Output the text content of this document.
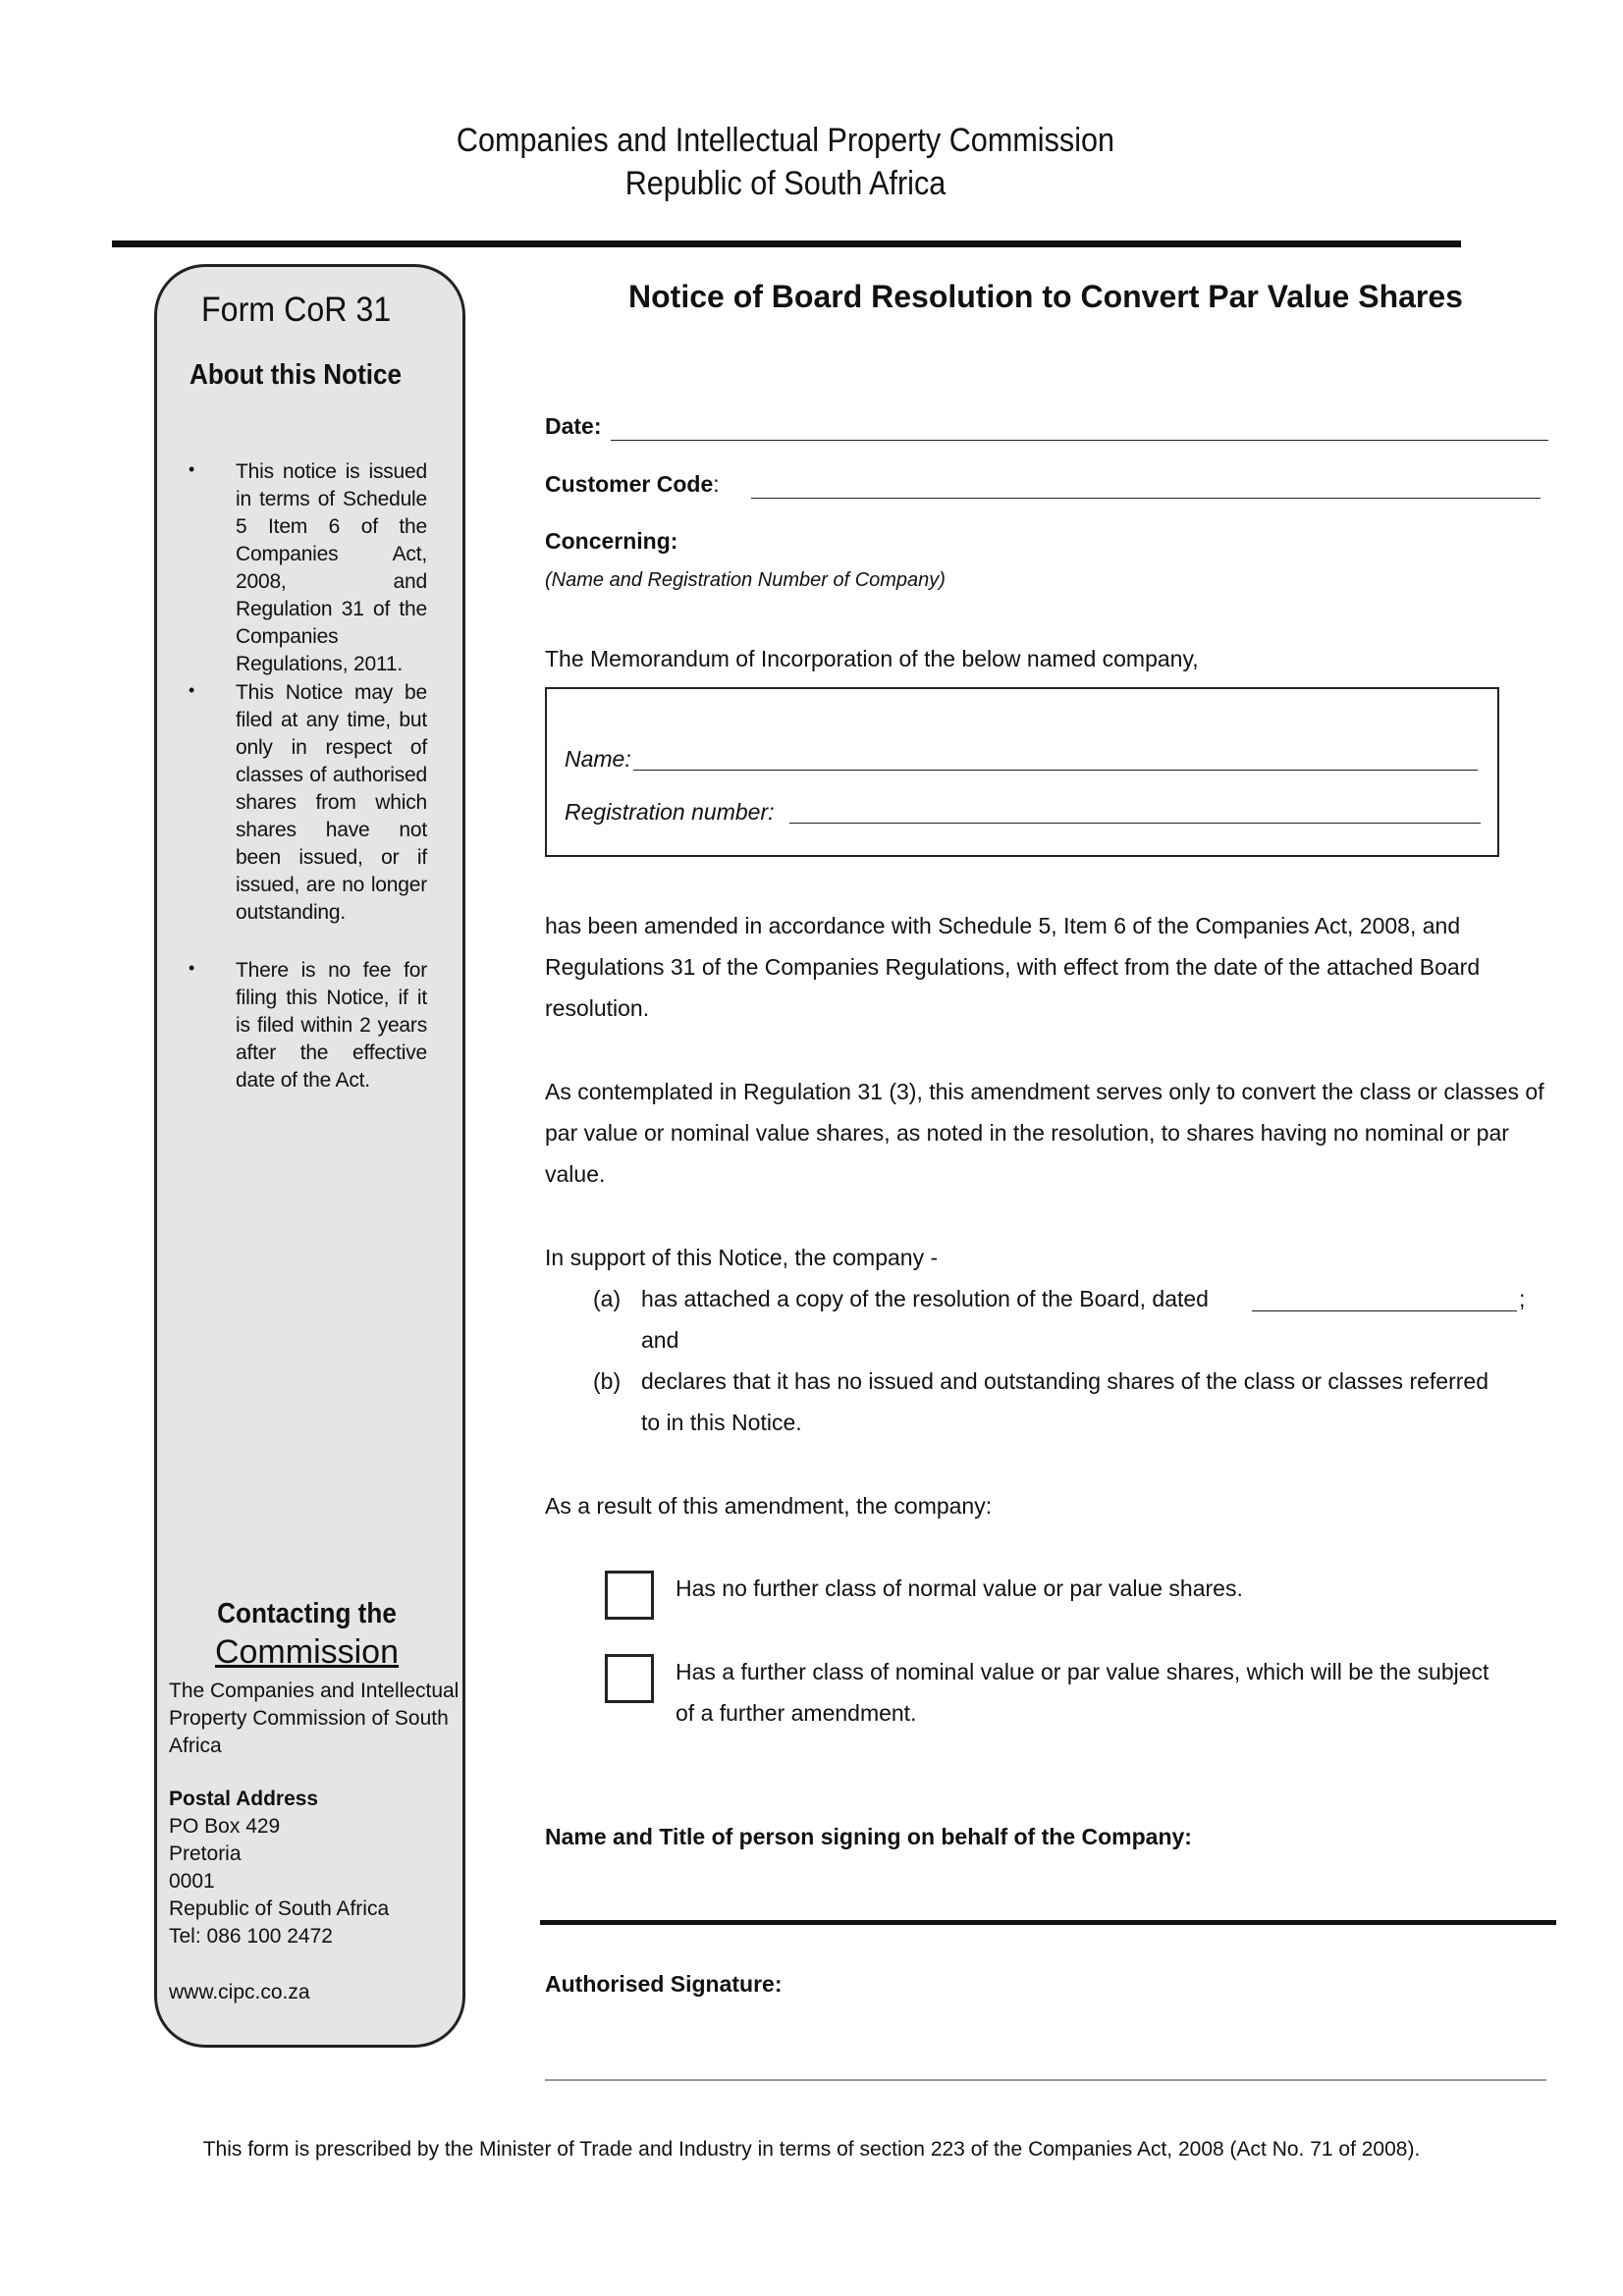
Companies and Intellectual Property Commission
Republic of South Africa
Form CoR 31
About this Notice
• This notice is issued in terms of Schedule 5 Item 6 of the Companies Act, 2008, and Regulation 31 of the Companies Regulations, 2011.
• This Notice may be filed at any time, but only in respect of classes of authorised shares from which shares have not been issued, or if issued, are no longer outstanding.
• There is no fee for filing this Notice, if it is filed within 2 years after the effective date of the Act.
Contacting the
Commission
The Companies and Intellectual
Property Commission of South
Africa
Postal Address
PO Box 429
Pretoria
0001
Republic of South Africa
Tel: 086 100 2472
www.cipc.co.za
Notice of Board Resolution to Convert Par Value Shares
Date:
Customer Code:
Concerning:
(Name and Registration Number of Company)
The Memorandum of Incorporation of the below named company,
Name:
Registration number:
has been amended in accordance with Schedule 5, Item 6 of the Companies Act, 2008, and Regulations 31 of the Companies Regulations, with effect from the date of the attached Board resolution.
As contemplated in Regulation 31 (3), this amendment serves only to convert the class or classes of par value or nominal value shares, as noted in the resolution, to shares having no nominal or par value.
In support of this Notice, the company -
(a) has attached a copy of the resolution of the Board, dated	;
and
(b) declares that it has no issued and outstanding shares of the class or classes referred
to in this Notice.
As a result of this amendment, the company:
Has no further class of normal value or par value shares.
Has a further class of nominal value or par value shares, which will be the subject
of a further amendment.
Name and Title of person signing on behalf of the Company:
Authorised Signature:
This form is prescribed by the Minister of Trade and Industry in terms of section 223 of the Companies Act, 2008 (Act No. 71 of 2008).
